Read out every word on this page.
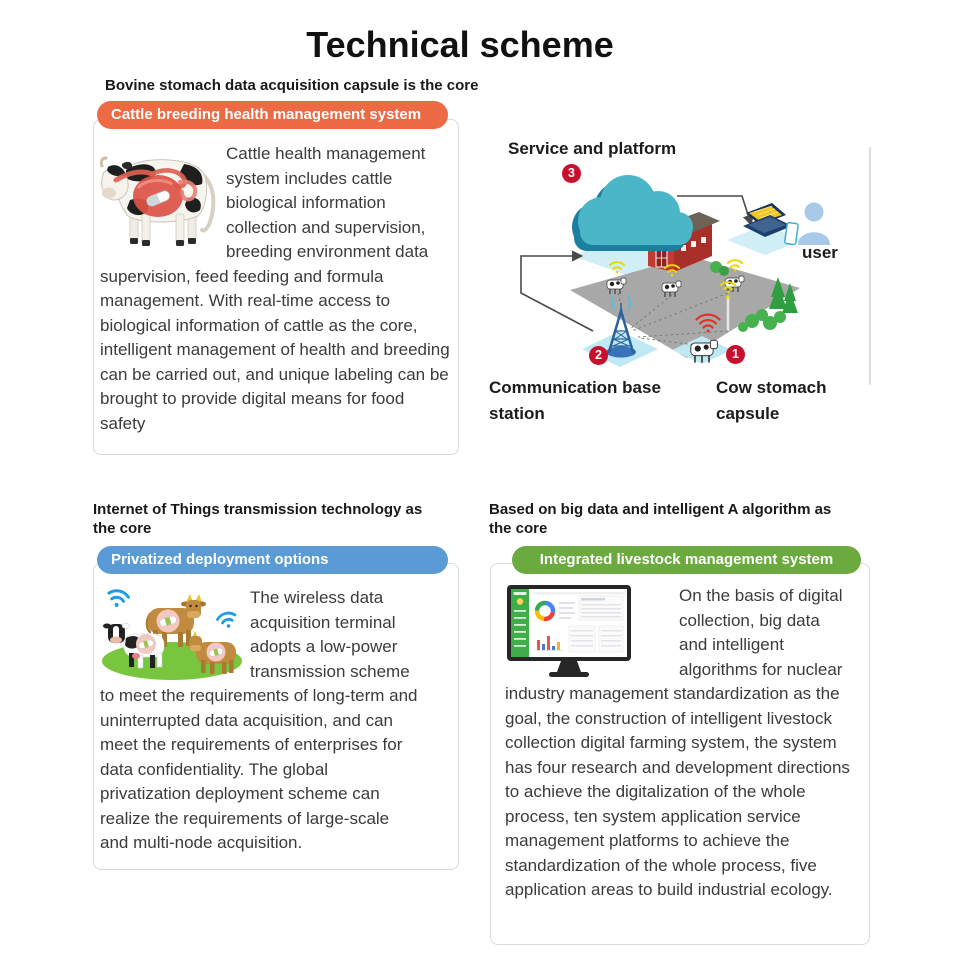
Technical scheme
Bovine stomach data acquisition capsule is the core
Cattle breeding health management system

Cattle health management system includes cattle biological information collection and supervision, breeding environment data supervision, feed feeding and formula management. With real-time access to biological information of cattle as the core, intelligent management of health and breeding can be carried out, and unique labeling can be brought to provide digital means for food safety

Service and platform
3
2	1
user
Communication base station
Cow stomach capsule
Internet of Things transmission technology as the core
Privatized deployment options

The wireless data acquisition terminal adopts a low-power transmission scheme to meet the requirements of long-term and uninterrupted data acquisition, and can meet the requirements of enterprises for data confidentiality. The global privatization deployment scheme can realize the requirements of large-scale and multi-node acquisition.

Based on big data and intelligent A algorithm as the core
Integrated livestock management system

On the basis of digital collection, big data and intelligent algorithms for nuclear industry management standardization as the goal, the construction of intelligent livestock collection digital farming system, the system has four research and development directions to achieve the digitalization of the whole process, ten system application service management platforms to achieve the standardization of the whole process, five application areas to build industrial ecology.
